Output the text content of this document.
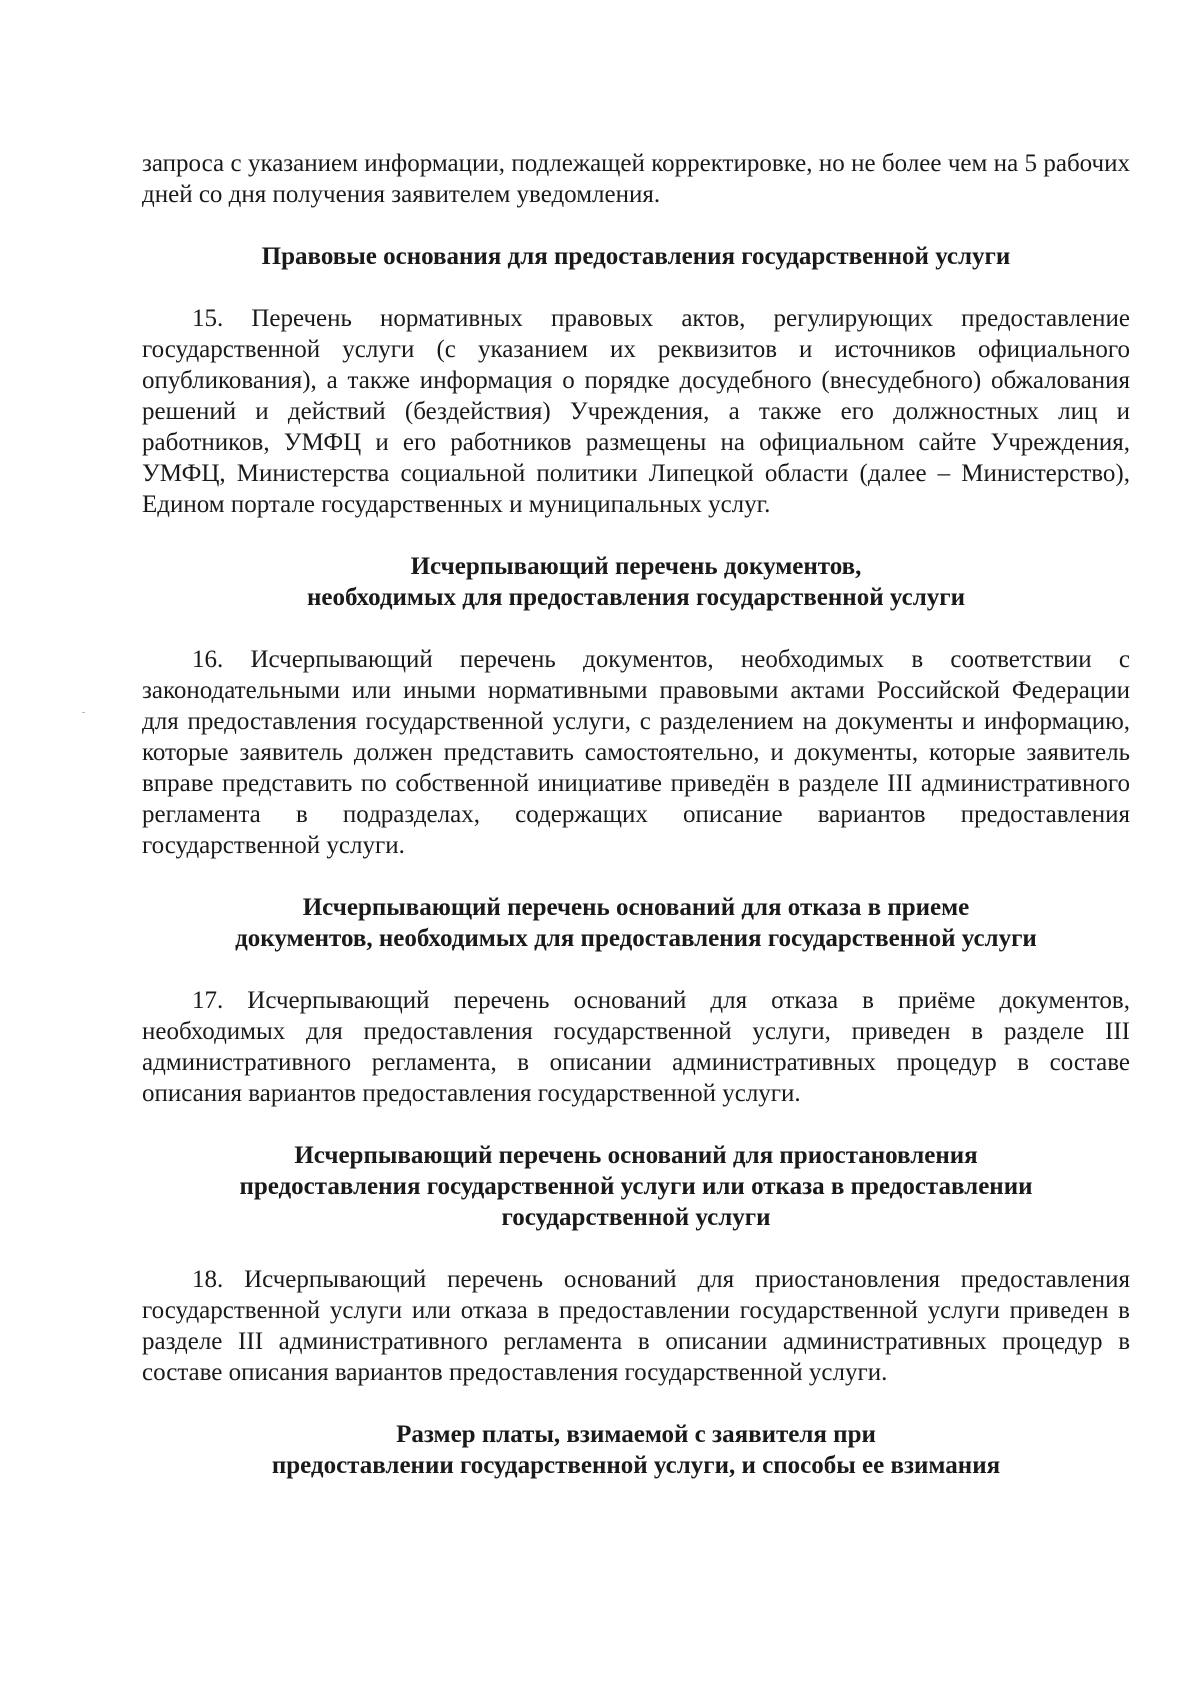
запроса с указанием информации, подлежащей корректировке, но не более чем на 5 рабочих дней со дня получения заявителем уведомления.

Правовые основания для предоставления государственной услуги

15. Перечень нормативных правовых актов, регулирующих предоставление государственной услуги (с указанием их реквизитов и источников официального опубликования), а также информация о порядке досудебного (внесудебного) обжалования решений и действий (бездействия) Учреждения, а также его должностных лиц и работников, УМФЦ и его работников размещены на официальном сайте Учреждения, УМФЦ, Министерства социальной политики Липецкой области (далее – Министерство), Едином портале государственных и муниципальных услуг.

Исчерпывающий перечень документов,
необходимых для предоставления государственной услуги

16. Исчерпывающий перечень документов, необходимых в соответствии с законодательными или иными нормативными правовыми актами Российской Федерации для предоставления государственной услуги, с разделением на документы и информацию, которые заявитель должен представить самостоятельно, и документы, которые заявитель вправе представить по собственной инициативе приведён в разделе III административного регламента в подразделах, содержащих описание вариантов предоставления государственной услуги.

Исчерпывающий перечень оснований для отказа в приеме
документов, необходимых для предоставления государственной услуги

17. Исчерпывающий перечень оснований для отказа в приёме документов, необходимых для предоставления государственной услуги, приведен в разделе III административного регламента, в описании административных процедур в составе описания вариантов предоставления государственной услуги.

Исчерпывающий перечень оснований для приостановления
предоставления государственной услуги или отказа в предоставлении
государственной услуги

18. Исчерпывающий перечень оснований для приостановления предоставления государственной услуги или отказа в предоставлении государственной услуги приведен в разделе III административного регламента в описании административных процедур в составе описания вариантов предоставления государственной услуги.

Размер платы, взимаемой с заявителя при
предоставлении государственной услуги, и способы ее взимания
